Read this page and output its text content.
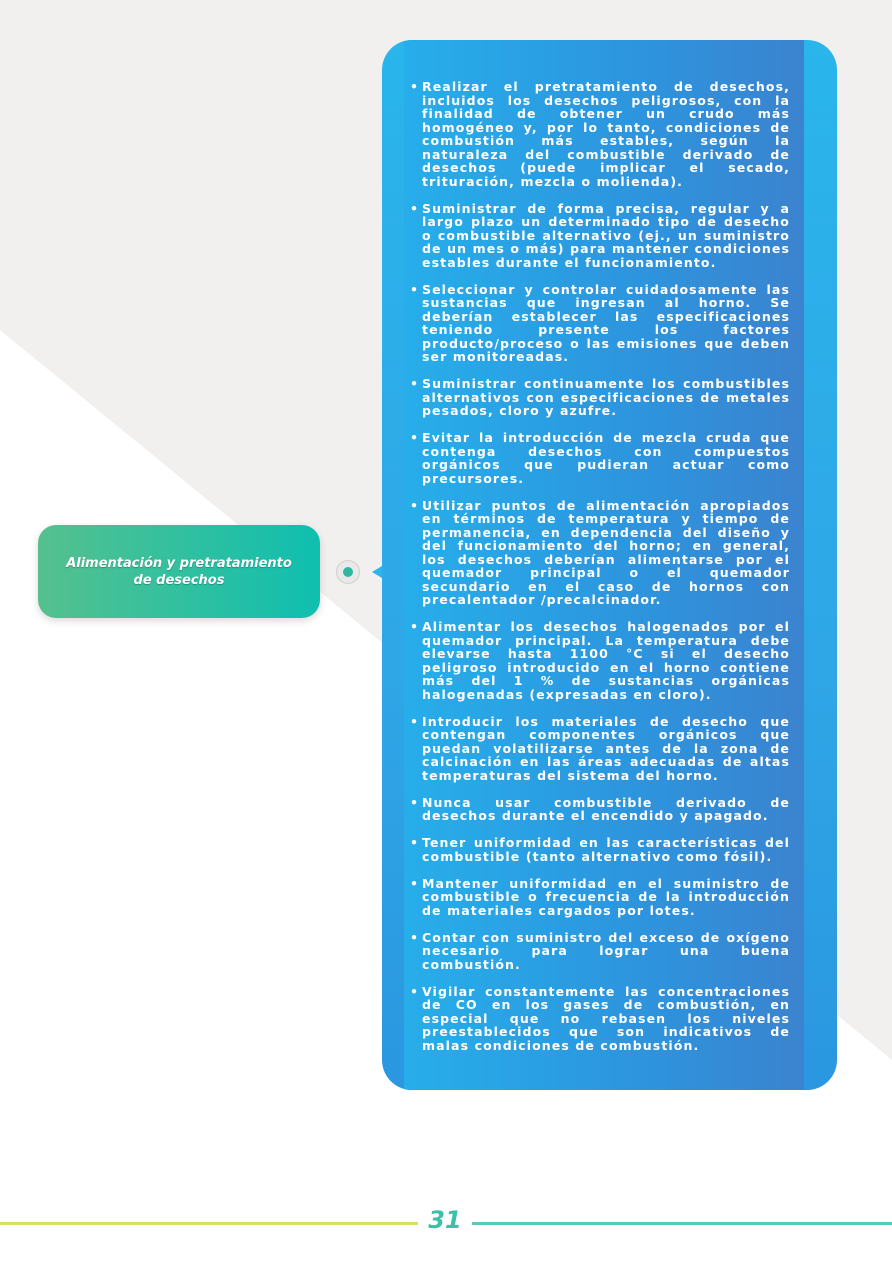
• Realizar el pretratamiento de desechos, incluidos los desechos peligrosos, con la finalidad de obtener un crudo más homogéneo y, por lo tanto, condiciones de combustión más estables, según la naturaleza del combustible derivado de desechos (puede implicar el secado, trituración, mezcla o molienda).
• Suministrar de forma precisa, regular y a largo plazo un determinado tipo de desecho o combustible alternativo (ej., un suministro de un mes o más) para mantener condiciones estables durante el funcionamiento.
• Seleccionar y controlar cuidadosamente las sustancias que ingresan al horno. Se deberían establecer las especificaciones teniendo presente los factores producto/proceso o las emisiones que deben ser monitoreadas.
• Suministrar continuamente los combustibles alternativos con especificaciones de metales pesados, cloro y azufre.
• Evitar la introducción de mezcla cruda que contenga desechos con compuestos orgánicos que pudieran actuar como precursores.
• Utilizar puntos de alimentación apropiados en términos de temperatura y tiempo de permanencia, en dependencia del diseño y del funcionamiento del horno; en general, los desechos deberían alimentarse por el quemador principal o el quemador secundario en el caso de hornos con precalentador /precalcinador.
• Alimentar los desechos halogenados por el quemador principal. La temperatura debe elevarse hasta 1100 °C si el desecho peligroso introducido en el horno contiene más del 1 % de sustancias orgánicas halogenadas (expresadas en cloro).
• Introducir los materiales de desecho que contengan componentes orgánicos que puedan volatilizarse antes de la zona de calcinación en las áreas adecuadas de altas temperaturas del sistema del horno.
• Nunca usar combustible derivado de desechos durante el encendido y apagado.
• Tener uniformidad en las características del combustible (tanto alternativo como fósil).
• Mantener uniformidad en el suministro de combustible o frecuencia de la introducción de materiales cargados por lotes.
• Contar con suministro del exceso de oxígeno necesario para lograr una buena combustión.
• Vigilar constantemente las concentraciones de CO en los gases de combustión, en especial que no rebasen los niveles preestablecidos que son indicativos de malas condiciones de combustión.
Alimentación y pretratamiento de desechos
31
